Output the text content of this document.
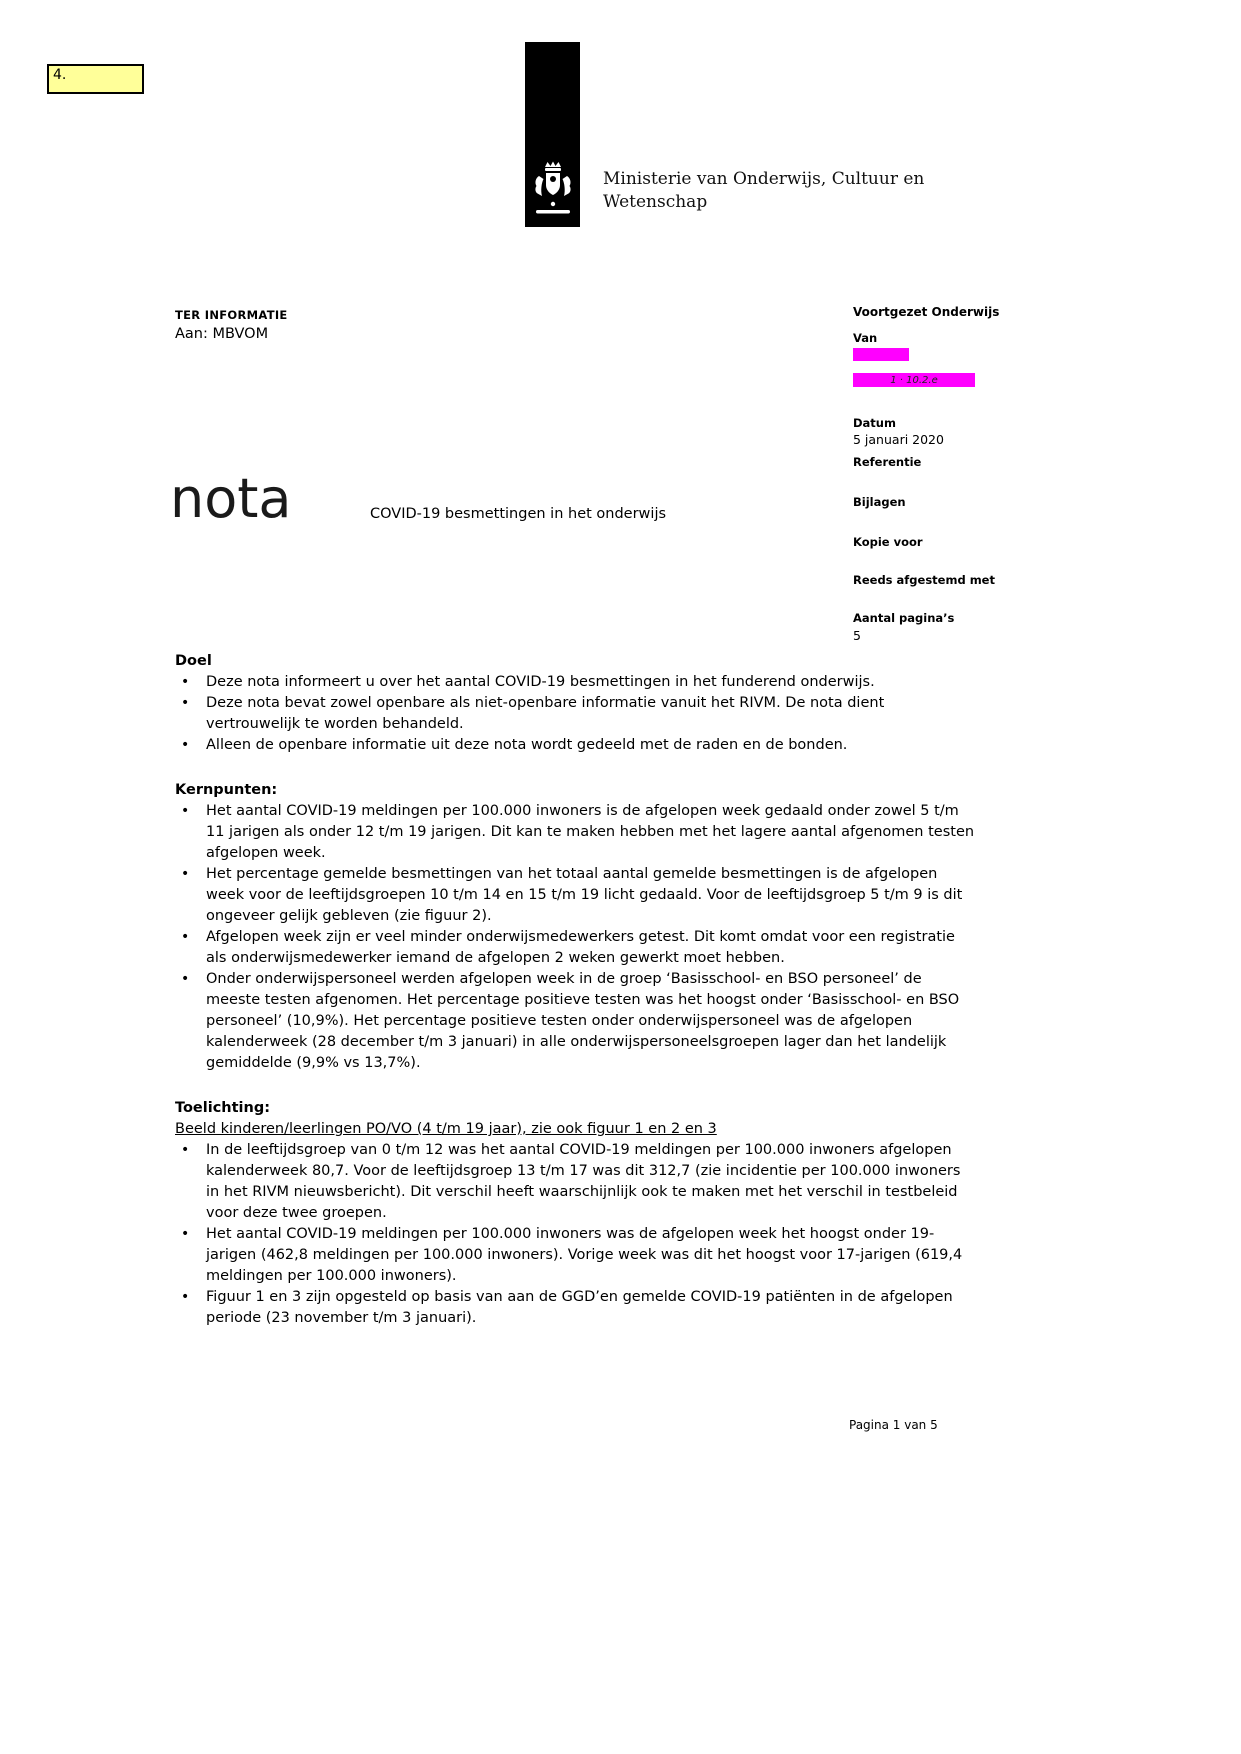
4.
Ministerie van Onderwijs, Cultuur en Wetenschap
TER INFORMATIE
Aan: MBVOM
Voortgezet Onderwijs
Van
1 · 10.2.e
Datum
5 januari 2020
Referentie
Bijlagen
Kopie voor
Reeds afgestemd met
Aantal pagina’s
5
nota	COVID-19 besmettingen in het onderwijs
Doel
• Deze nota informeert u over het aantal COVID-19 besmettingen in het funderend onderwijs.
• Deze nota bevat zowel openbare als niet-openbare informatie vanuit het RIVM. De nota dient vertrouwelijk te worden behandeld.
• Alleen de openbare informatie uit deze nota wordt gedeeld met de raden en de bonden.
Kernpunten:
• Het aantal COVID-19 meldingen per 100.000 inwoners is de afgelopen week gedaald onder zowel 5 t/m 11 jarigen als onder 12 t/m 19 jarigen. Dit kan te maken hebben met het lagere aantal afgenomen testen afgelopen week.
• Het percentage gemelde besmettingen van het totaal aantal gemelde besmettingen is de afgelopen week voor de leeftijdsgroepen 10 t/m 14 en 15 t/m 19 licht gedaald. Voor de leeftijdsgroep 5 t/m 9 is dit ongeveer gelijk gebleven (zie figuur 2).
• Afgelopen week zijn er veel minder onderwijsmedewerkers getest. Dit komt omdat voor een registratie als onderwijsmedewerker iemand de afgelopen 2 weken gewerkt moet hebben.
• Onder onderwijspersoneel werden afgelopen week in de groep ‘Basisschool- en BSO personeel’ de meeste testen afgenomen. Het percentage positieve testen was het hoogst onder ‘Basisschool- en BSO personeel’ (10,9%). Het percentage positieve testen onder onderwijspersoneel was de afgelopen kalenderweek (28 december t/m 3 januari) in alle onderwijspersoneelsgroepen lager dan het landelijk gemiddelde (9,9% vs 13,7%).
Toelichting:
Beeld kinderen/leerlingen PO/VO (4 t/m 19 jaar), zie ook figuur 1 en 2 en 3
• In de leeftijdsgroep van 0 t/m 12 was het aantal COVID-19 meldingen per 100.000 inwoners afgelopen kalenderweek 80,7. Voor de leeftijdsgroep 13 t/m 17 was dit 312,7 (zie incidentie per 100.000 inwoners in het RIVM nieuwsbericht). Dit verschil heeft waarschijnlijk ook te maken met het verschil in testbeleid voor deze twee groepen.
• Het aantal COVID-19 meldingen per 100.000 inwoners was de afgelopen week het hoogst onder 19-jarigen (462,8 meldingen per 100.000 inwoners). Vorige week was dit het hoogst voor 17-jarigen (619,4 meldingen per 100.000 inwoners).
• Figuur 1 en 3 zijn opgesteld op basis van aan de GGD’en gemelde COVID-19 patiënten in de afgelopen periode (23 november t/m 3 januari).
Pagina 1 van 5
